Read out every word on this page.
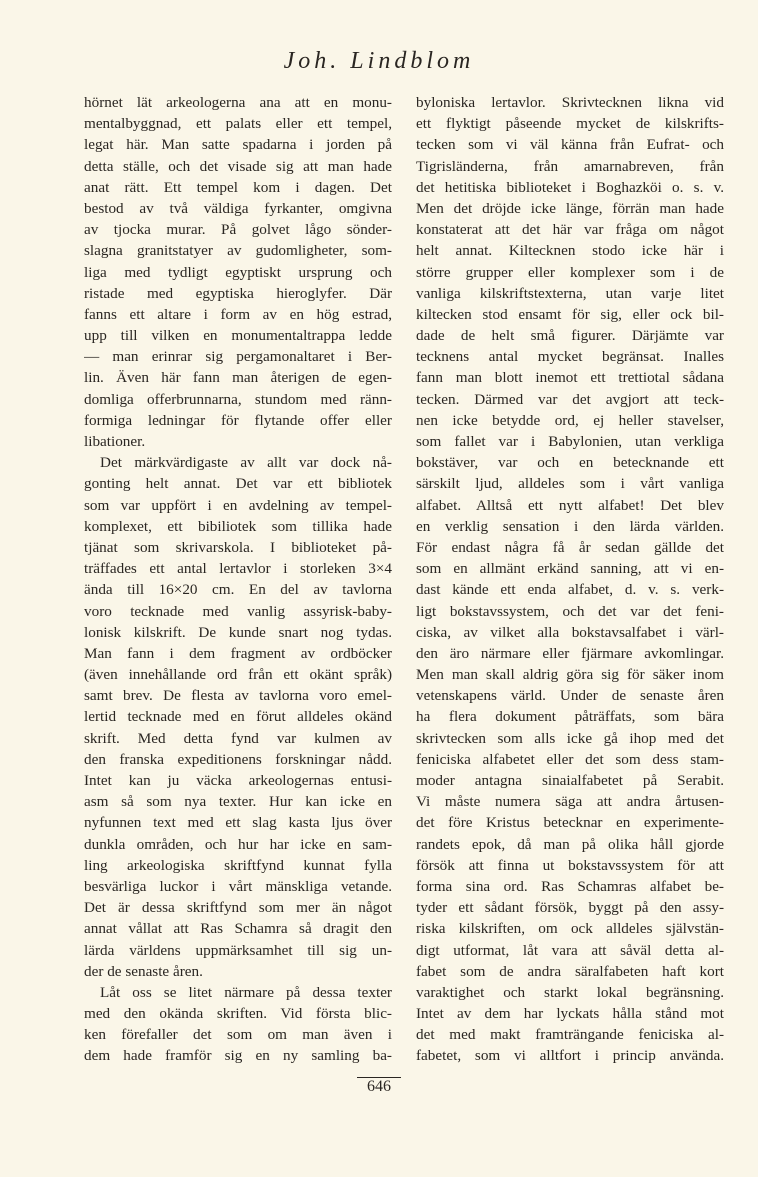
Joh. Lindblom
hörnet lät arkeologerna ana att en monu-
mentalbyggnad, ett palats eller ett tempel,
legat här. Man satte spadarna i jorden på
detta ställe, och det visade sig att man hade
anat rätt. Ett tempel kom i dagen. Det
bestod av två väldiga fyrkanter, omgivna
av tjocka murar. På golvet lågo sönder-
slagna granitstatyer av gudomligheter, som-
liga med tydligt egyptiskt ursprung och
ristade med egyptiska hieroglyfer. Där
fanns ett altare i form av en hög estrad,
upp till vilken en monumentaltrappa ledde
— man erinrar sig pergamonaltaret i Ber-
lin. Även här fann man återigen de egen-
domliga offerbrunnarna, stundom med ränn-
formiga ledningar för flytande offer eller
libationer.
Det märkvärdigaste av allt var dock nå-
gonting helt annat. Det var ett bibliotek
som var uppfört i en avdelning av tempel-
komplexet, ett bibiliotek som tillika hade
tjänat som skrivarskola. I biblioteket på-
träffades ett antal lertavlor i storleken 3×4
ända till 16×20 cm. En del av tavlorna
voro tecknade med vanlig assyrisk-baby-
lonisk kilskrift. De kunde snart nog tydas.
Man fann i dem fragment av ordböcker
(även innehållande ord från ett okänt språk)
samt brev. De flesta av tavlorna voro emel-
lertid tecknade med en förut alldeles okänd
skrift. Med detta fynd var kulmen av
den franska expeditionens forskningar nådd.
Intet kan ju väcka arkeologernas entusi-
asm så som nya texter. Hur kan icke en
nyfunnen text med ett slag kasta ljus över
dunkla områden, och hur har icke en sam-
ling arkeologiska skriftfynd kunnat fylla
besvärliga luckor i vårt mänskliga vetande.
Det är dessa skriftfynd som mer än något
annat vållat att Ras Schamra så dragit den
lärda världens uppmärksamhet till sig un-
der de senaste åren.
Låt oss se litet närmare på dessa texter
med den okända skriften. Vid första blic-
ken förefaller det som om man även i
dem hade framför sig en ny samling ba-
byloniska lertavlor. Skrivtecknen likna vid
ett flyktigt påseende mycket de kilskrifts-
tecken som vi väl känna från Eufrat- och
Tigrisländerna, från amarnabreven, från
det hetitiska biblioteket i Boghazköi o. s. v.
Men det dröjde icke länge, förrän man hade
konstaterat att det här var fråga om något
helt annat. Kiltecknen stodo icke här i
större grupper eller komplexer som i de
vanliga kilskriftstexterna, utan varje litet
kiltecken stod ensamt för sig, eller ock bil-
dade de helt små figurer. Därjämte var
tecknens antal mycket begränsat. Inalles
fann man blott inemot ett trettiotal sådana
tecken. Därmed var det avgjort att teck-
nen icke betydde ord, ej heller stavelser,
som fallet var i Babylonien, utan verkliga
bokstäver, var och en betecknande ett
särskilt ljud, alldeles som i vårt vanliga
alfabet. Alltså ett nytt alfabet! Det blev
en verklig sensation i den lärda världen.
För endast några få år sedan gällde det
som en allmänt erkänd sanning, att vi en-
dast kände ett enda alfabet, d. v. s. verk-
ligt bokstavssystem, och det var det feni-
ciska, av vilket alla bokstavsalfabet i värl-
den äro närmare eller fjärmare avkomlingar.
Men man skall aldrig göra sig för säker inom
vetenskapens värld. Under de senaste åren
ha flera dokument påträffats, som bära
skrivtecken som alls icke gå ihop med det
feniciska alfabetet eller det som dess stam-
moder antagna sinaialfabetet på Serabit.
Vi måste numera säga att andra årtusen-
det före Kristus betecknar en experimente-
randets epok, då man på olika håll gjorde
försök att finna ut bokstavssystem för att
forma sina ord. Ras Schamras alfabet be-
tyder ett sådant försök, byggt på den assy-
riska kilskriften, om ock alldeles självstän-
digt utformat, låt vara att såväl detta al-
fabet som de andra säralfabeten haft kort
varaktighet och starkt lokal begränsning.
Intet av dem har lyckats hålla stånd mot
det med makt framträngande feniciska al-
fabetet, som vi alltfort i princip använda.
646
